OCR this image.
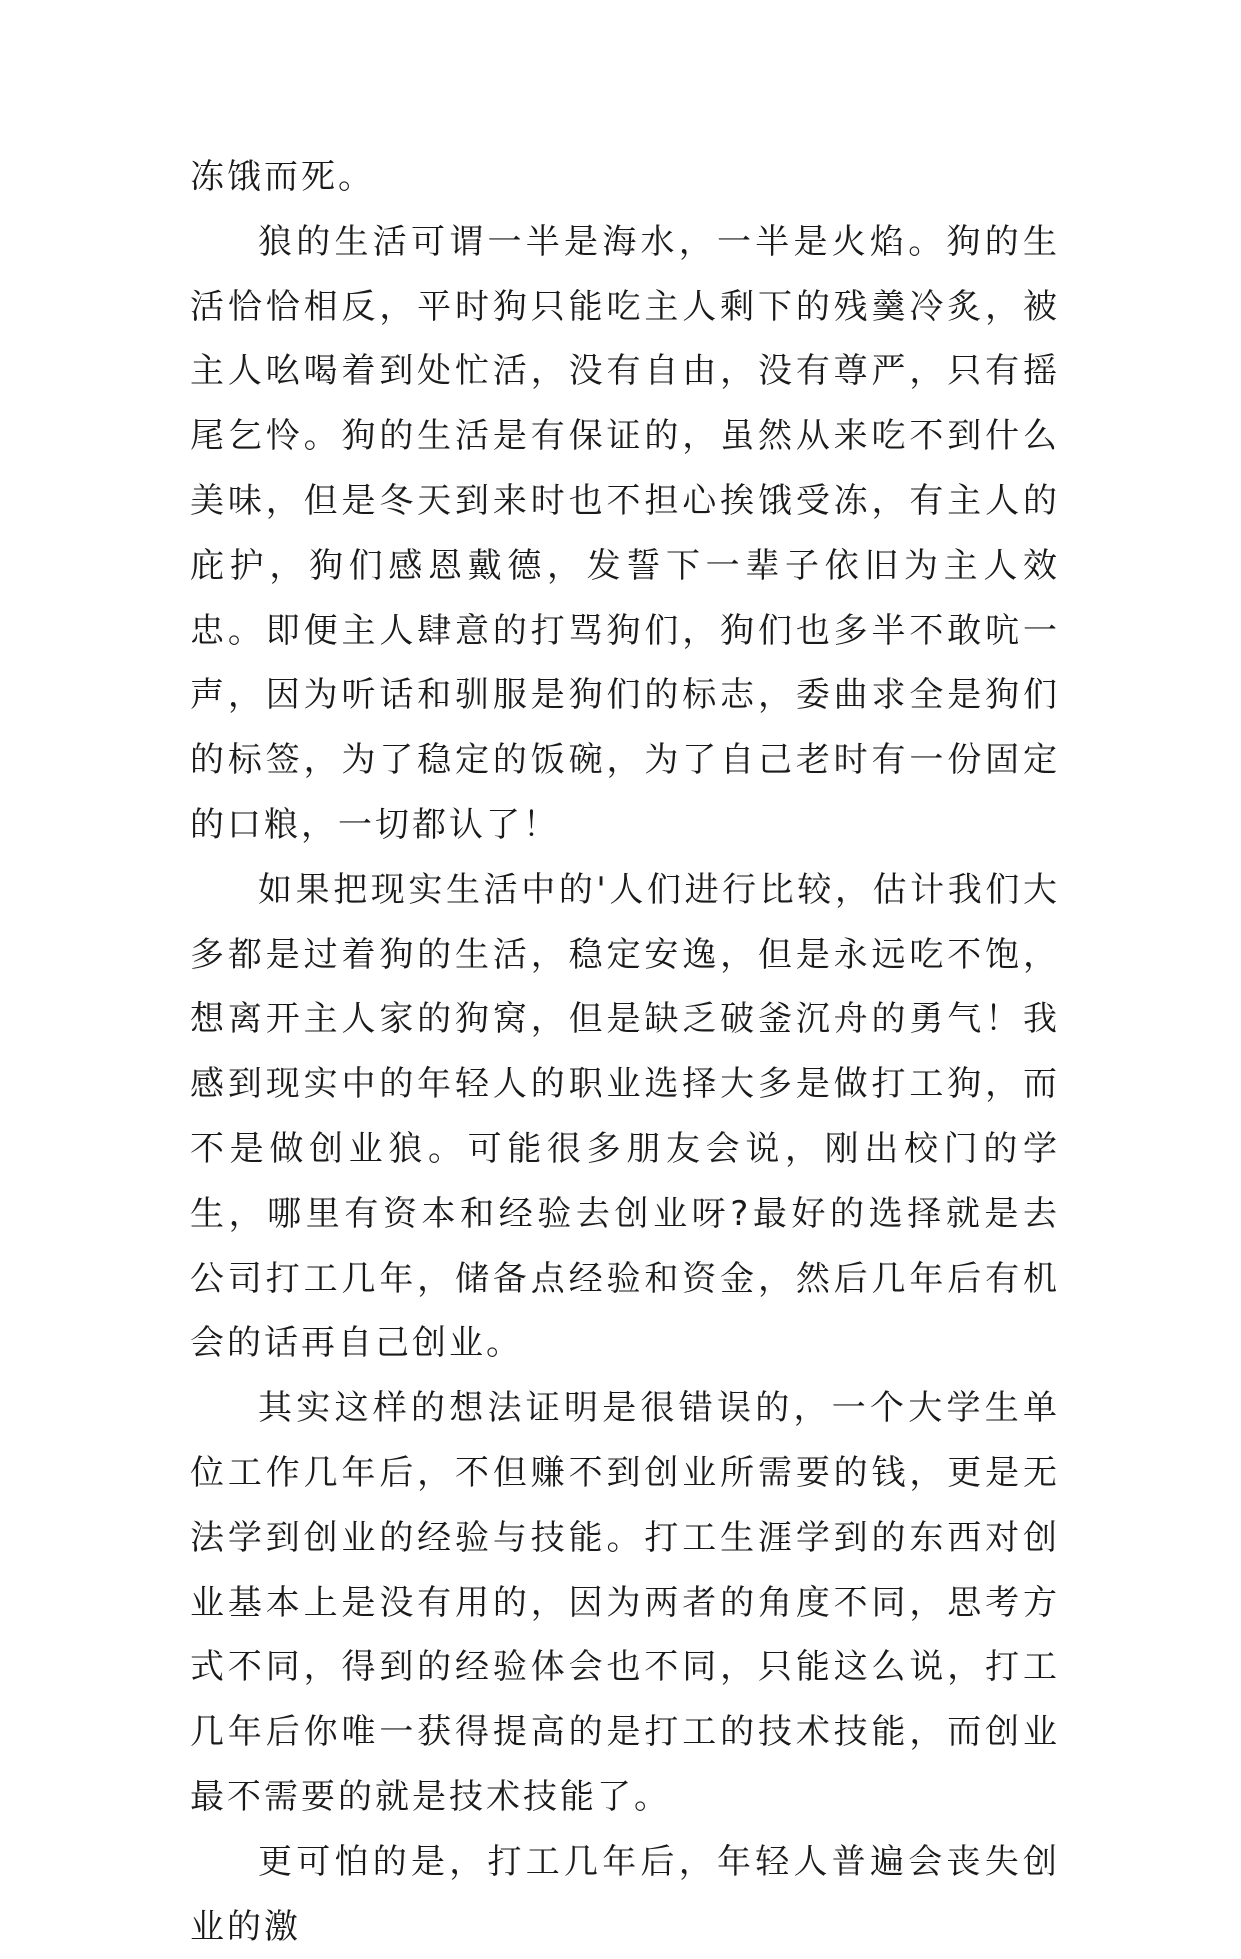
冻饿而死。

狼的生活可谓一半是海水，一半是火焰。狗的生活恰恰相反，平时狗只能吃主人剩下的残羹冷炙，被主人吆喝着到处忙活，没有自由，没有尊严，只有摇尾乞怜。狗的生活是有保证的，虽然从来吃不到什么美味，但是冬天到来时也不担心挨饿受冻，有主人的庇护，狗们感恩戴德，发誓下一辈子依旧为主人效忠。即便主人肆意的打骂狗们，狗们也多半不敢吭一声，因为听话和驯服是狗们的标志，委曲求全是狗们的标签，为了稳定的饭碗，为了自己老时有一份固定的口粮，一切都认了！

如果把现实生活中的'人们进行比较，估计我们大多都是过着狗的生活，稳定安逸，但是永远吃不饱，想离开主人家的狗窝，但是缺乏破釜沉舟的勇气！我感到现实中的年轻人的职业选择大多是做打工狗，而不是做创业狼。可能很多朋友会说，刚出校门的学生，哪里有资本和经验去创业呀?最好的选择就是去公司打工几年，储备点经验和资金，然后几年后有机会的话再自己创业。

其实这样的想法证明是很错误的，一个大学生单位工作几年后，不但赚不到创业所需要的钱，更是无法学到创业的经验与技能。打工生涯学到的东西对创业基本上是没有用的，因为两者的角度不同，思考方式不同，得到的经验体会也不同，只能这么说，打工几年后你唯一获得提高的是打工的技术技能，而创业最不需要的就是技术技能了。

更可怕的是，打工几年后，年轻人普遍会丧失创业的激
